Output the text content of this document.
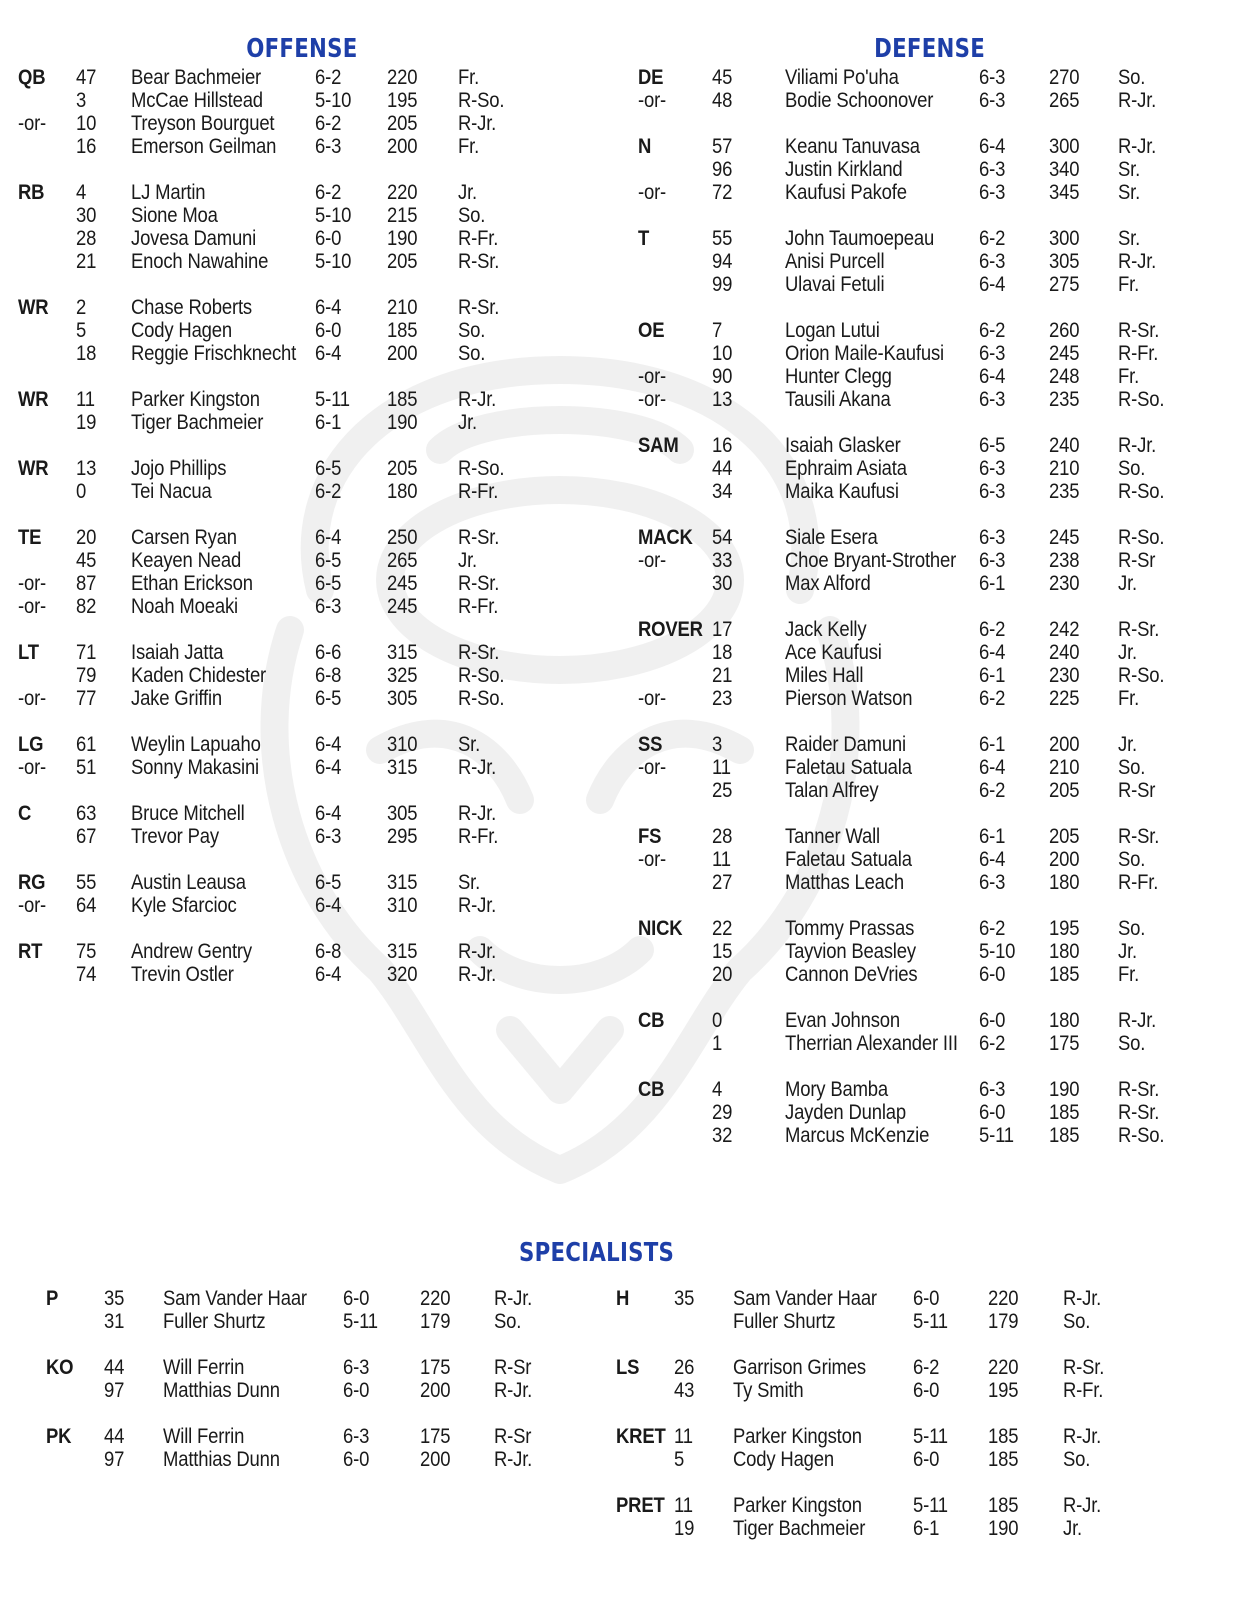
OFFENSE	DEFENSE
SPECIALISTS
QB 47 Bear Bachmeier	6-2 220 Fr.
3 McCae Hillstead 5-10 195 R-So.
-or- 10 Treyson Bourguet 6-2 205 R-Jr.
16 Emerson Geilman 6-3 200 Fr.
RB 4 LJ Martin	6-2 220 Jr.
30 Sione Moa	5-10 215 So.
28 Jovesa Damuni	6-0 190 R-Fr.
21 Enoch Nawahine 5-10 205 R-Sr.
WR 2 Chase Roberts	6-4 210 R-Sr.
5 Cody Hagen	6-0 185 So.
18 Reggie Frischknecht 6-4 200 So.
WR 11 Parker Kingston	5-11 185 R-Jr.
19 Tiger Bachmeier 6-1 190 Jr.
WR 13 Jojo Phillips	6-5 205 R-So.
0 Tei Nacua	6-2 180 R-Fr.
TE 20 Carsen Ryan	6-4 250 R-Sr.
45 Keayen Nead	6-5 265 Jr.
-or- 87 Ethan Erickson	6-5 245 R-Sr.
-or- 82 Noah Moeaki	6-3 245 R-Fr.
LT 71 Isaiah Jatta	6-6 315 R-Sr.
79 Kaden Chidester 6-8 325 R-So.
-or- 77 Jake Griffin	6-5 305 R-So.
LG 61 Weylin Lapuaho	6-4 310 Sr.
-or- 51 Sonny Makasini	6-4 315 R-Jr.
C 63 Bruce Mitchell	6-4 305 R-Jr.
67 Trevor Pay	6-3 295 R-Fr.
RG 55 Austin Leausa	6-5 315 Sr.
-or- 64 Kyle Sfarcioc	6-4 310 R-Jr.
RT 75 Andrew Gentry	6-8 315 R-Jr.
74 Trevin Ostler	6-4 320 R-Jr.
DE 45	Viliami Po'uha	6-3 270 So.
-or- 48	Bodie Schoonover 6-3 265 R-Jr.
N	57	Keanu Tanuvasa	6-4 300 R-Jr.
96	Justin Kirkland	6-3 340 Sr.
-or- 72	Kaufusi Pakofe	6-3 345 Sr.
T	55	John Taumoepeau 6-2 300 Sr.
94	Anisi Purcell	6-3 305 R-Jr.
99	Ulavai Fetuli	6-4 275 Fr.
OE 7	Logan Lutui	6-2 260 R-Sr.
10	Orion Maile-Kaufusi 6-3 245 R-Fr.
-or- 90	Hunter Clegg	6-4 248 Fr.
-or- 13	Tausili Akana	6-3 235 R-So.
SAM 16	Isaiah Glasker	6-5 240 R-Jr.
44	Ephraim Asiata	6-3 210 So.
34	Maika Kaufusi	6-3 235 R-So.
MACK 54	Siale Esera	6-3 245 R-So.
-or- 33	Choe Bryant-Strother 6-3 238 R-Sr
30	Max Alford	6-1 230 Jr.
ROVER 17	Jack Kelly	6-2 242 R-Sr.
18	Ace Kaufusi	6-4 240 Jr.
21	Miles Hall	6-1 230 R-So.
-or- 23	Pierson Watson	6-2 225 Fr.
SS 3	Raider Damuni	6-1 200 Jr.
-or- 11	Faletau Satuala	6-4 210 So.
25	Talan Alfrey	6-2 205 R-Sr
FS 28	Tanner Wall	6-1 205 R-Sr.
-or- 11	Faletau Satuala	6-4 200 So.
27	Matthas Leach	6-3 180 R-Fr.
NICK 22	Tommy Prassas	6-2 195 So.
15	Tayvion Beasley	5-10 180 Jr.
20	Cannon DeVries	6-0 185 Fr.
CB 0	Evan Johnson	6-0 180 R-Jr.
1	Therrian Alexander III 6-2 175 So.
CB 4	Mory Bamba	6-3 190 R-Sr.
29	Jayden Dunlap	6-0 185 R-Sr.
32	Marcus McKenzie 5-11 185 R-So.
P 35 Sam Vander Haar 6-0 220 R-Jr.
31 Fuller Shurtz	5-11 179 So.
KO 44 Will Ferrin	6-3 175 R-Sr
97 Matthias Dunn	6-0 200 R-Jr.
PK 44 Will Ferrin	6-3 175 R-Sr
97 Matthias Dunn	6-0 200 R-Jr.
H 35 Sam Vander Haar 6-0 220 R-Jr.
Fuller Shurtz	5-11 179 So.
LS 26 Garrison Grimes 6-2 220 R-Sr.
43 Ty Smith	6-0 195 R-Fr.
KRET 11 Parker Kingston 5-11 185 R-Jr.
5 Cody Hagen	6-0 185 So.
PRET 11 Parker Kingston 5-11 185 R-Jr.
19 Tiger Bachmeier 6-1 190 Jr.
